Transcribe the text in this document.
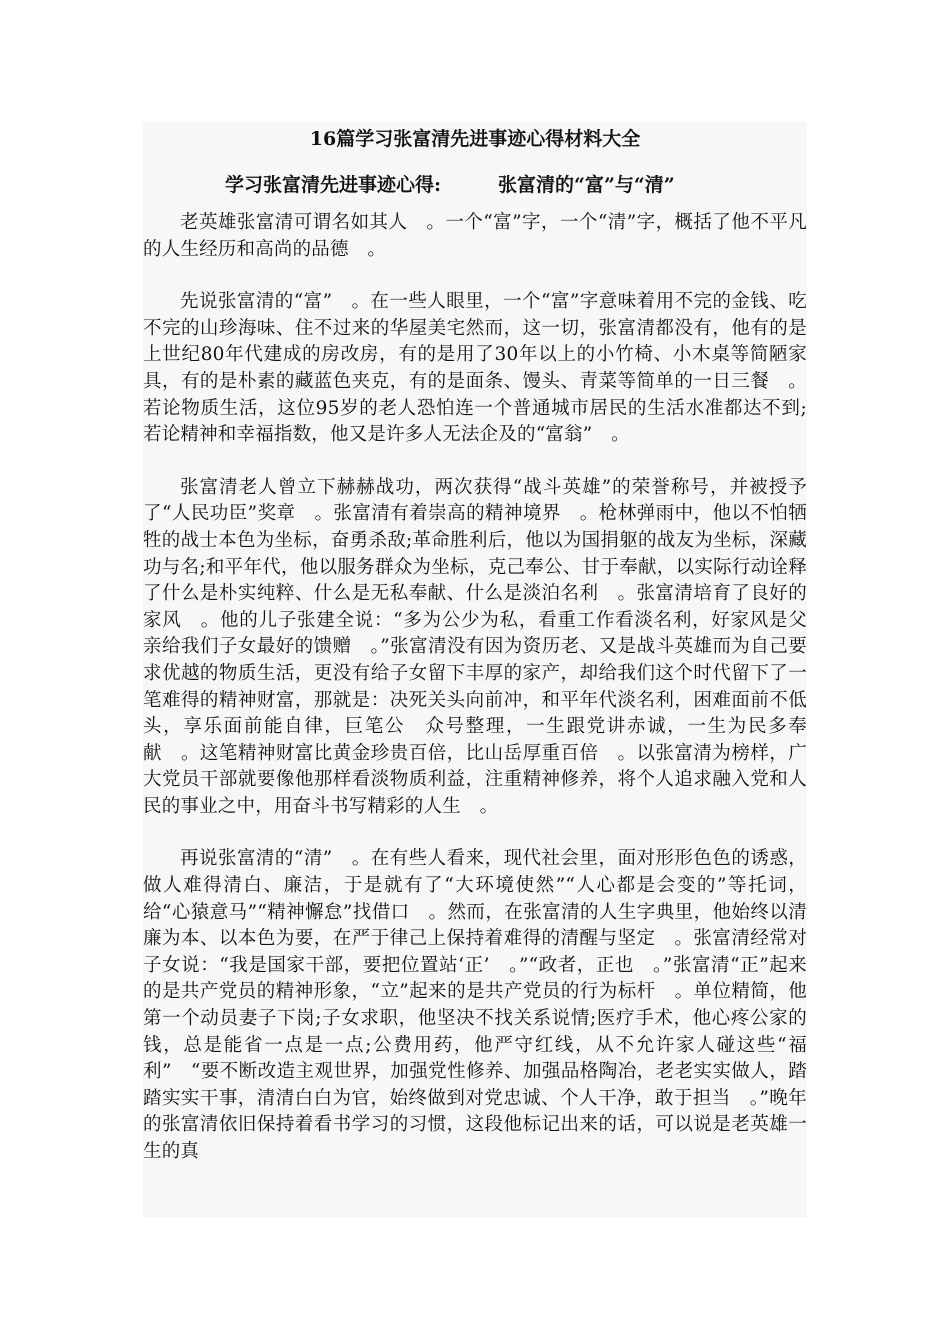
16篇学习张富清先进事迹心得材料大全
学习张富清先进事迹心得:　　　张富清的“富”与“清”

老英雄张富清可谓名如其人　。一个“富”字，一个“清”字，概括了他不平凡的人生经历和高尚的品德　。

先说张富清的“富”　。在一些人眼里，一个“富”字意味着用不完的金钱、吃不完的山珍海味、住不过来的华屋美宅然而，这一切，张富清都没有，他有的是上世纪80年代建成的房改房，有的是用了30年以上的小竹椅、小木桌等简陋家具，有的是朴素的藏蓝色夹克，有的是面条、馒头、青菜等简单的一日三餐　。若论物质生活，这位95岁的老人恐怕连一个普通城市居民的生活水准都达不到;若论精神和幸福指数，他又是许多人无法企及的“富翁”　。

张富清老人曾立下赫赫战功，两次获得“战斗英雄”的荣誉称号，并被授予了“人民功臣”奖章　。张富清有着崇高的精神境界　。枪林弹雨中，他以不怕牺牲的战士本色为坐标，奋勇杀敌;革命胜利后，他以为国捐躯的战友为坐标，深藏功与名;和平年代，他以服务群众为坐标，克己奉公、甘于奉献，以实际行动诠释了什么是朴实纯粹、什么是无私奉献、什么是淡泊名利　。张富清培育了良好的家风　。他的儿子张建全说：“多为公少为私，看重工作看淡名利，好家风是父亲给我们子女最好的馈赠　。”张富清没有因为资历老、又是战斗英雄而为自己要求优越的物质生活，更没有给子女留下丰厚的家产，却给我们这个时代留下了一笔难得的精神财富，那就是：决死关头向前冲，和平年代淡名利，困难面前不低头，享乐面前能自律，巨笔公　众号整理，一生跟党讲赤诚，一生为民多奉献　。这笔精神财富比黄金珍贵百倍，比山岳厚重百倍　。以张富清为榜样，广大党员干部就要像他那样看淡物质利益，注重精神修养，将个人追求融入党和人民的事业之中，用奋斗书写精彩的人生　。

再说张富清的“清”　。在有些人看来，现代社会里，面对形形色色的诱惑，做人难得清白、廉洁，于是就有了“大环境使然”“人心都是会变的”等托词，给“心猿意马”“精神懈怠”找借口　。然而，在张富清的人生字典里，他始终以清廉为本、以本色为要，在严于律己上保持着难得的清醒与坚定　。张富清经常对子女说：“我是国家干部，要把位置站‘正’　。”“政者，正也　。”张富清“正”起来的是共产党员的精神形象，“立”起来的是共产党员的行为标杆　。单位精简，他第一个动员妻子下岗;子女求职，他坚决不找关系说情;医疗手术，他心疼公家的钱，总是能省一点是一点;公费用药，他严守红线，从不允许家人碰这些“福利”　“要不断改造主观世界，加强党性修养、加强品格陶冶，老老实实做人，踏踏实实干事，清清白白为官，始终做到对党忠诚、个人干净，敢于担当　。”晚年的张富清依旧保持着看书学习的习惯，这段他标记出来的话，可以说是老英雄一生的真
